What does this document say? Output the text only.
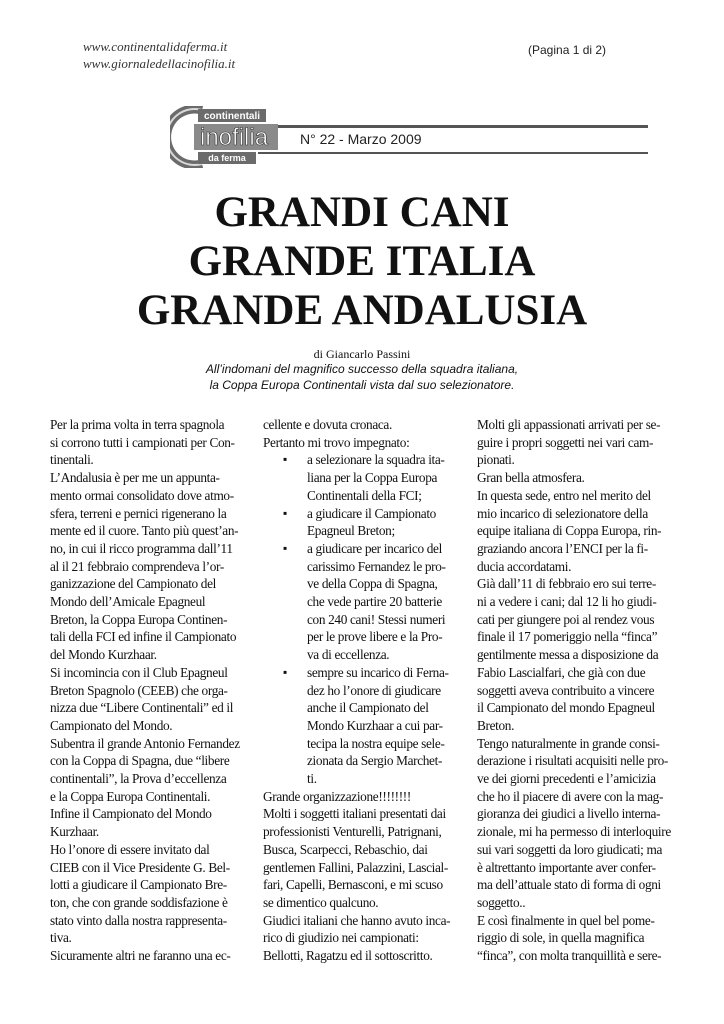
www.continentalidaferma.it
www.giornaledellacinofilia.it
(Pagina 1 di 2)
continentali
inofilia
da ferma
N° 22 - Marzo 2009
GRANDI CANI
GRANDE ITALIA
GRANDE ANDALUSIA
di Giancarlo Passini
All’indomani del magnifico successo della squadra italiana,
la Coppa Europa Continentali vista dal suo selezionatore.

Per la prima volta in terra spagnola

si corrono tutti i campionati per Con-

tinentali.

L’Andalusia è per me un appunta-

mento ormai consolidato dove atmo-

sfera, terreni e pernici rigenerano la

mente ed il cuore. Tanto più quest’an-

no, in cui il ricco programma dall’11

al il 21 febbraio comprendeva l’or-

ganizzazione del Campionato del

Mondo dell’Amicale Epagneul

Breton, la Coppa Europa Continen-

tali della FCI ed infine il Campionato

del Mondo Kurzhaar.

Si incomincia con il Club Epagneul

Breton Spagnolo (CEEB) che orga-

nizza due “Libere Continentali” ed il

Campionato del Mondo.

Subentra il grande Antonio Fernandez

con la Coppa di Spagna, due “libere

continentali”, la Prova d’eccellenza

e la Coppa Europa Continentali.

Infine il Campionato del Mondo

Kurzhaar.

Ho l’onore di essere invitato dal

CIEB con il Vice Presidente G. Bel-

lotti a giudicare il Campionato Bre-

ton, che con grande soddisfazione è

stato vinto dalla nostra rappresenta-

tiva.

Sicuramente altri ne faranno una ec-

cellente e dovuta cronaca.

Pertanto mi trovo impegnato:

▪ a selezionare la squadra ita-

liana per la Coppa Europa

Continentali della FCI;

▪ a giudicare il Campionato

Epagneul Breton;

▪ a giudicare per incarico del

carissimo Fernandez le pro-

ve della Coppa di Spagna,

che vede partire 20 batterie

con 240 cani! Stessi numeri

per le prove libere e la Pro-

va di eccellenza.

▪ sempre su incarico di Ferna-

dez ho l’onore di giudicare

anche il Campionato del

Mondo Kurzhaar a cui par-

tecipa la nostra equipe sele-

zionata da Sergio Marchet-

ti.

Grande organizzazione!!!!!!!!

Molti i soggetti italiani presentati dai

professionisti Venturelli, Patrignani,

Busca, Scarpecci, Rebaschio, dai

gentlemen Fallini, Palazzini, Lascial-

fari, Capelli, Bernasconi, e mi scuso

se dimentico qualcuno.

Giudici italiani che hanno avuto inca-

rico di giudizio nei campionati:

Bellotti, Ragatzu ed il sottoscritto.

Molti gli appassionati arrivati per se-

guire i propri soggetti nei vari cam-

pionati.

Gran bella atmosfera.

In questa sede, entro nel merito del

mio incarico di selezionatore della

equipe italiana di Coppa Europa, rin-

graziando ancora l’ENCI per la fi-

ducia accordatami.

Già dall’11 di febbraio ero sui terre-

ni a vedere i cani; dal 12 li ho giudi-

cati per giungere poi al rendez vous

finale il 17 pomeriggio nella “finca”

gentilmente messa a disposizione da

Fabio Lascialfari, che già con due

soggetti aveva contribuito a vincere

il Campionato del mondo Epagneul

Breton.

Tengo naturalmente in grande consi-

derazione i risultati acquisiti nelle pro-

ve dei giorni precedenti e l’amicizia

che ho il piacere di avere con la mag-

gioranza dei giudici a livello interna-

zionale, mi ha permesso di interloquire

sui vari soggetti da loro giudicati; ma

è altrettanto importante aver confer-

ma dell’attuale stato di forma di ogni

soggetto..

E così finalmente in quel bel pome-

riggio di sole, in quella magnifica

“finca”, con molta tranquillità e sere-
